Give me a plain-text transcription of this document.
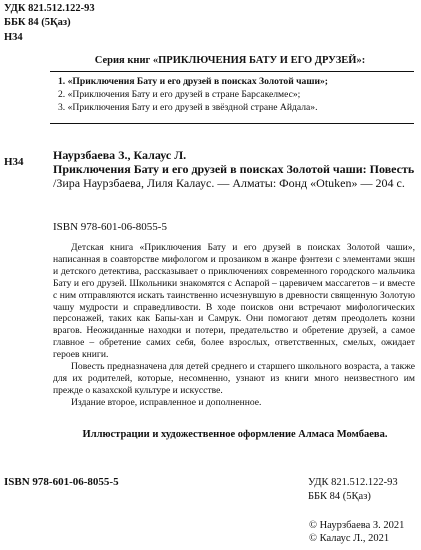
УДК 821.512.122-93
ББК 84 (5Қаз)
Н34
Серия книг «ПРИКЛЮЧЕНИЯ БАТУ И ЕГО ДРУЗЕЙ»:
1. «Приключения Бату и его друзей в поисках Золотой чаши»;
2. «Приключения Бату и его друзей в стране Барсакелмес»;
3. «Приключения Бату и его друзей в звёздной стране Айдала».
Н34 Наурзбаева З., Калаус Л.
Приключения Бату и его друзей в поисках Золотой чаши: Повесть /Зира Наурзбаева, Лиля Калаус. — Алматы: Фонд «Otuken» — 204 с.
ISBN 978-601-06-8055-5

Детская книга «Приключения Бату и его друзей в поисках Золотой чаши», написанная в соавторстве мифологом и прозаиком в жанре фэнтези с элементами экшн и детского детектива, рассказывает о приключениях современного городского мальчика Бату и его друзей. Школьники знакомятся с Аспарой – царевичем массагетов – и вместе с ним отправляются искать таинственно исчезнувшую в древности священную Золотую чашу мудрости и справедливости. В ходе поисков они встречают мифологических персонажей, таких как Бапы-хан и Самрук. Они помогают детям преодолеть козни врагов. Неожиданные находки и потери, предательство и обретение друзей, а самое главное – обретение самих себя, более взрослых, ответственных, смелых, ожидает героев книги.

Повесть предназначена для детей среднего и старшего школьного возраста, а также для их родителей, которые, несомненно, узнают из книги много неизвестного им прежде о казахской культуре и искусстве.

Издание второе, исправленное и дополненное.

Иллюстрации и художественное оформление Алмаса Момбаева.
ISBN 978-601-06-8055-5	УДК 821.512.122-93
ББК 84 (5Қаз)
© Наурзбаева З. 2021
© Калаус Л., 2021
